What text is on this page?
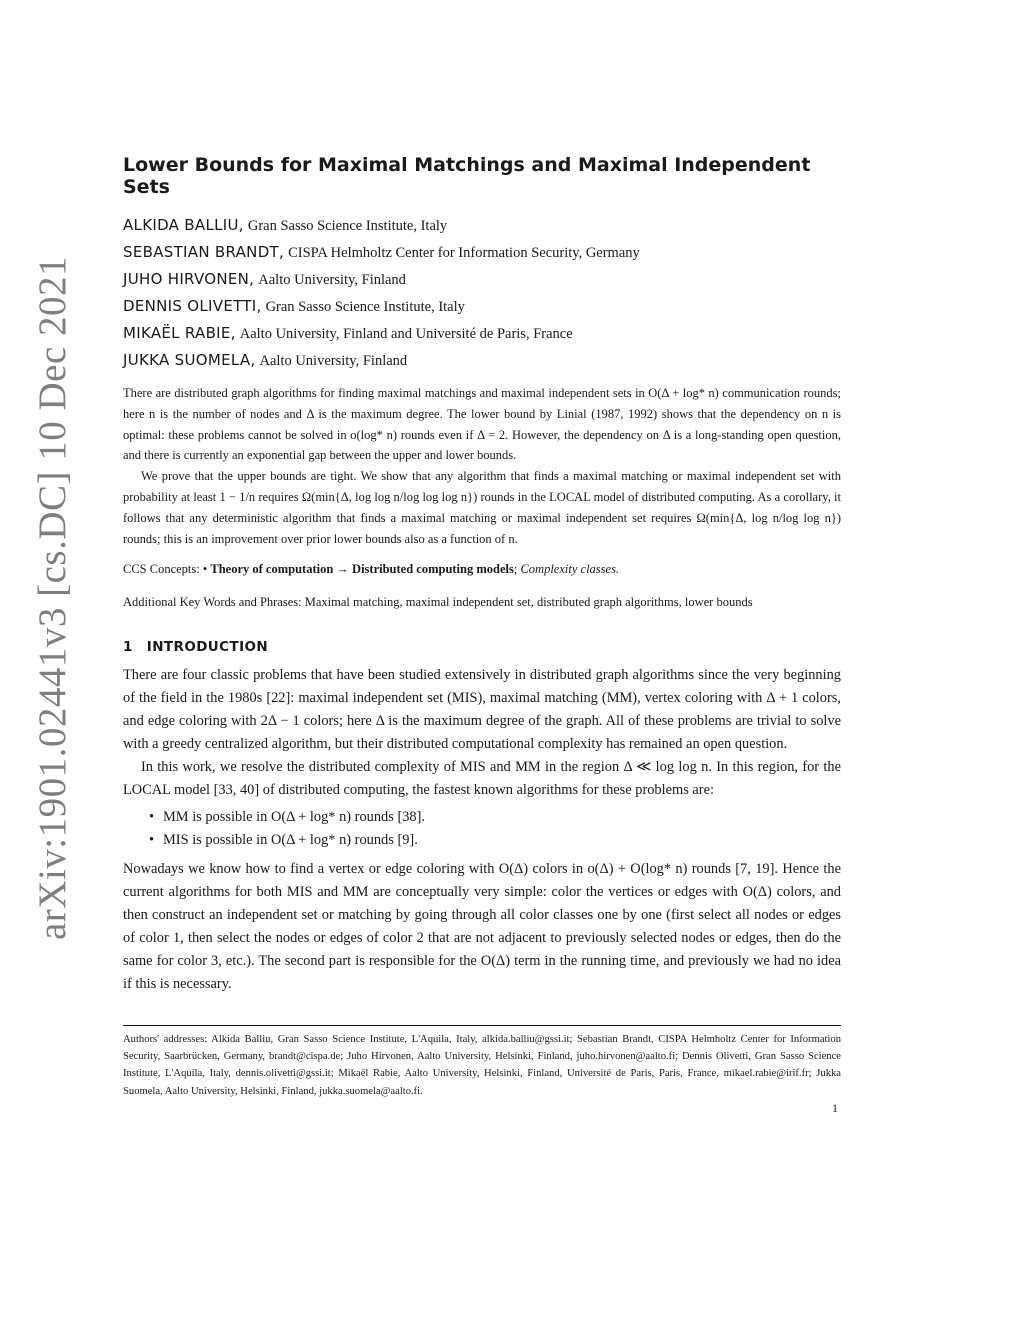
arXiv:1901.02441v3 [cs.DC] 10 Dec 2021
Lower Bounds for Maximal Matchings and Maximal Independent Sets
ALKIDA BALLIU, Gran Sasso Science Institute, Italy
SEBASTIAN BRANDT, CISPA Helmholtz Center for Information Security, Germany
JUHO HIRVONEN, Aalto University, Finland
DENNIS OLIVETTI, Gran Sasso Science Institute, Italy
MIKAËL RABIE, Aalto University, Finland and Université de Paris, France
JUKKA SUOMELA, Aalto University, Finland

There are distributed graph algorithms for finding maximal matchings and maximal independent sets in O(Δ + log* n) communication rounds; here n is the number of nodes and Δ is the maximum degree. The lower bound by Linial (1987, 1992) shows that the dependency on n is optimal: these problems cannot be solved in o(log* n) rounds even if Δ = 2. However, the dependency on Δ is a long-standing open question, and there is currently an exponential gap between the upper and lower bounds.

We prove that the upper bounds are tight. We show that any algorithm that finds a maximal matching or maximal independent set with probability at least 1 − 1/n requires Ω(min{Δ, log log n/log log log n}) rounds in the LOCAL model of distributed computing. As a corollary, it follows that any deterministic algorithm that finds a maximal matching or maximal independent set requires Ω(min{Δ, log n/log log n}) rounds; this is an improvement over prior lower bounds also as a function of n.

CCS Concepts: • Theory of computation → Distributed computing models; Complexity classes.
Additional Key Words and Phrases: Maximal matching, maximal independent set, distributed graph algorithms, lower bounds
1 INTRODUCTION

There are four classic problems that have been studied extensively in distributed graph algorithms since the very beginning of the field in the 1980s [22]: maximal independent set (MIS), maximal matching (MM), vertex coloring with Δ + 1 colors, and edge coloring with 2Δ − 1 colors; here Δ is the maximum degree of the graph. All of these problems are trivial to solve with a greedy centralized algorithm, but their distributed computational complexity has remained an open question.

In this work, we resolve the distributed complexity of MIS and MM in the region Δ ≪ log log n. In this region, for the LOCAL model [33, 40] of distributed computing, the fastest known algorithms for these problems are:

• MM is possible in O(Δ + log* n) rounds [38].
• MIS is possible in O(Δ + log* n) rounds [9].

Nowadays we know how to find a vertex or edge coloring with O(Δ) colors in o(Δ) + O(log* n) rounds [7, 19]. Hence the current algorithms for both MIS and MM are conceptually very simple: color the vertices or edges with O(Δ) colors, and then construct an independent set or matching by going through all color classes one by one (first select all nodes or edges of color 1, then select the nodes or edges of color 2 that are not adjacent to previously selected nodes or edges, then do the same for color 3, etc.). The second part is responsible for the O(Δ) term in the running time, and previously we had no idea if this is necessary.

Authors' addresses: Alkida Balliu, Gran Sasso Science Institute, L'Aquila, Italy, alkida.balliu@gssi.it; Sebastian Brandt, CISPA Helmholtz Center for Information Security, Saarbrücken, Germany, brandt@cispa.de; Juho Hirvonen, Aalto University, Helsinki, Finland, juho.hirvonen@aalto.fi; Dennis Olivetti, Gran Sasso Science Institute, L'Aquila, Italy, dennis.olivetti@gssi.it; Mikaël Rabie, Aalto University, Helsinki, Finland, Université de Paris, Paris, France, mikael.rabie@irif.fr; Jukka Suomela, Aalto University, Helsinki, Finland, jukka.suomela@aalto.fi.
1
